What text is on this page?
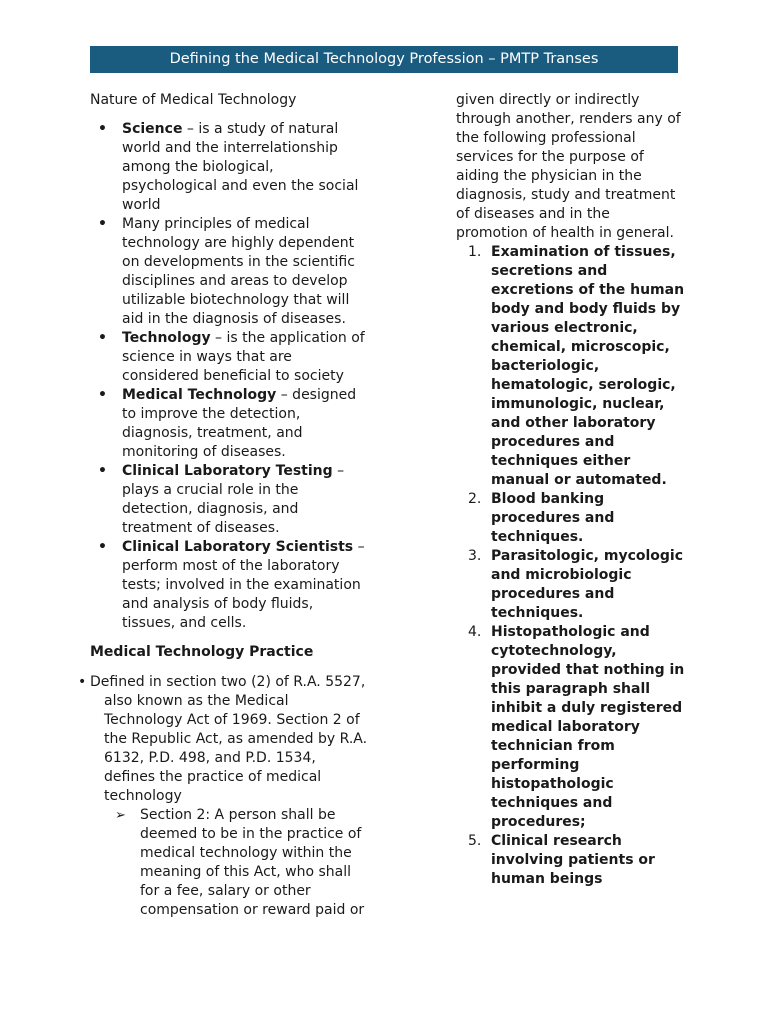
Defining the Medical Technology Profession – PMTP Transes
Nature of Medical Technology
• Science – is a study of natural world and the interrelationship among the biological, psychological and even the social world
• Many principles of medical technology are highly dependent on developments in the scientific disciplines and areas to develop utilizable biotechnology that will aid in the diagnosis of diseases.
• Technology – is the application of science in ways that are considered beneficial to society
• Medical Technology – designed to improve the detection, diagnosis, treatment, and monitoring of diseases.
• Clinical Laboratory Testing – plays a crucial role in the detection, diagnosis, and treatment of diseases.
• Clinical Laboratory Scientists – perform most of the laboratory tests; involved in the examination and analysis of body fluids, tissues, and cells.
Medical Technology Practice
• Defined in section two (2) of R.A. 5527, also known as the Medical Technology Act of 1969. Section 2 of the Republic Act, as amended by R.A. 6132, P.D. 498, and P.D. 1534, defines the practice of medical technology
➢ Section 2: A person shall be deemed to be in the practice of medical technology within the meaning of this Act, who shall for a fee, salary or other compensation or reward paid or
given directly or indirectly through another, renders any of the following professional services for the purpose of aiding the physician in the diagnosis, study and treatment of diseases and in the promotion of health in general.
1. Examination of tissues, secretions and excretions of the human body and body fluids by various electronic, chemical, microscopic, bacteriologic, hematologic, serologic, immunologic, nuclear, and other laboratory procedures and techniques either manual or automated.
2. Blood banking procedures and techniques.
3. Parasitologic, mycologic and microbiologic procedures and techniques.
4. Histopathologic and cytotechnology, provided that nothing in this paragraph shall inhibit a duly registered medical laboratory technician from performing histopathologic techniques and procedures;
5. Clinical research involving patients or human beings
